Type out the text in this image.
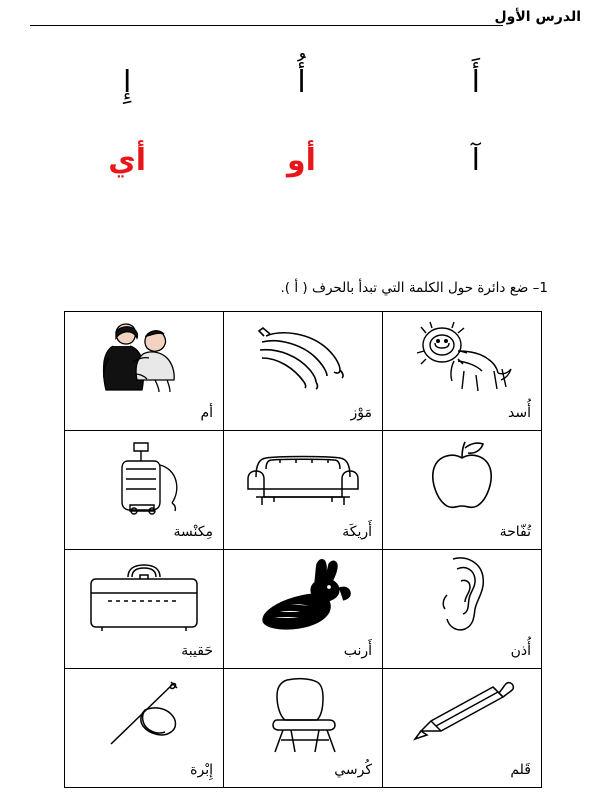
الدرس الأول
أَ
أُ
إِ
آ
أو
أي
1– ضع دائرة حول الكلمة التي تبدأ بالحرف ( أ ).
أُسد	مَوْز	أم

تُفّاحة	أَريكَة	مِكنْسة

أُذن	أَرنب	حَقيبة

قَلم	كُرسي	إِبْرة
